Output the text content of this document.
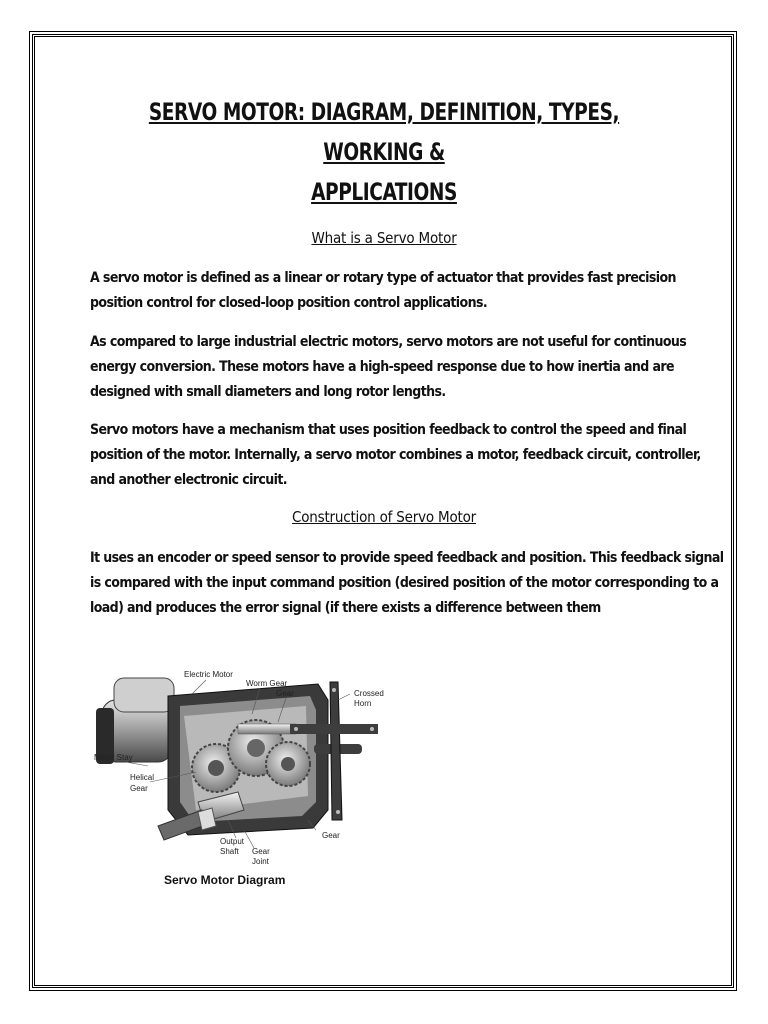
SERVO MOTOR: DIAGRAM, DEFINITION, TYPES, WORKING &
APPLICATIONS
What is a Servo Motor
A servo motor is defined as a linear or rotary type of actuator that provides fast precision
position control for closed-loop position control applications.
As compared to large industrial electric motors, servo motors are not useful for continuous
energy conversion. These motors have a high-speed response due to how inertia and are
designed with small diameters and long rotor lengths.
Servo motors have a mechanism that uses position feedback to control the speed and final
position of the motor. Internally, a servo motor combines a motor, feedback circuit, controller,
and another electronic circuit.
Construction of Servo Motor
It uses an encoder or speed sensor to provide speed feedback and position. This feedback signal
is compared with the input command position (desired position of the motor corresponding to a
load) and produces the error signal (if there exists a difference between them
Electric Motor
Worm Gear
Gear	Crossed
Horn
Motor Stay
Helical
Gear
Gear
Output
Shaft Gear
Joint
Servo Motor Diagram
